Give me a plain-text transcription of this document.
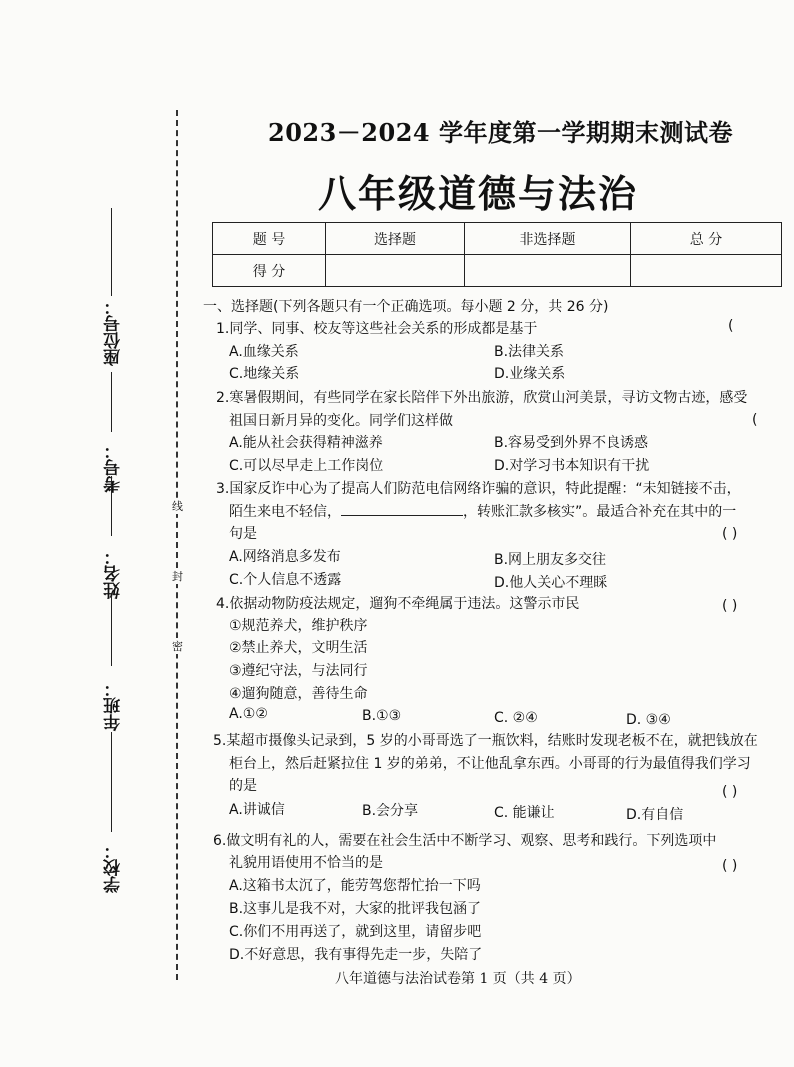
座位号：
考号：
姓名：
年班：
学校：
线
封
密
2023－2024 学年度第一学期期末测试卷
八年级道德与法治
题 号	选择题	非选择题	总 分
得 分			
一、选择题(下列各题只有一个正确选项。每小题 2 分，共 26 分)
1.同学、同事、校友等这些社会关系的形成都是基于	(
A.血缘关系	B.法律关系
C.地缘关系	D.业缘关系
2.寒暑假期间，有些同学在家长陪伴下外出旅游，欣赏山河美景，寻访文物古迹，感受
祖国日新月异的变化。同学们这样做	(
A.能从社会获得精神滋养	B.容易受到外界不良诱惑
C.可以尽早走上工作岗位	D.对学习书本知识有干扰
3.国家反诈中心为了提高人们防范电信网络诈骗的意识，特此提醒：“未知链接不击，
陌生来电不轻信，	，转账汇款多核实”。最适合补充在其中的一
句是	( )
A.网络消息多发布	B.网上朋友多交往
C.个人信息不透露	D.他人关心不理睬
4.依据动物防疫法规定，遛狗不牵绳属于违法。这警示市民	( )
①规范养犬，维护秩序
②禁止养犬，文明生活
③遵纪守法，与法同行
④遛狗随意，善待生命
A.①②	B.①③	C. ②④	D. ③④
5.某超市摄像头记录到，5 岁的小哥哥选了一瓶饮料，结账时发现老板不在，就把钱放在
柜台上，然后赶紧拉住 1 岁的弟弟，不让他乱拿东西。小哥哥的行为最值得我们学习
的是	( )
A.讲诚信	B.会分享	C. 能谦让	D.有自信
6.做文明有礼的人，需要在社会生活中不断学习、观察、思考和践行。下列选项中
礼貌用语使用不恰当的是	( )
A.这箱书太沉了，能劳驾您帮忙抬一下吗
B.这事儿是我不对，大家的批评我包涵了
C.你们不用再送了，就到这里，请留步吧
D.不好意思，我有事得先走一步，失陪了
八年道德与法治试卷第 1 页（共 4 页）
